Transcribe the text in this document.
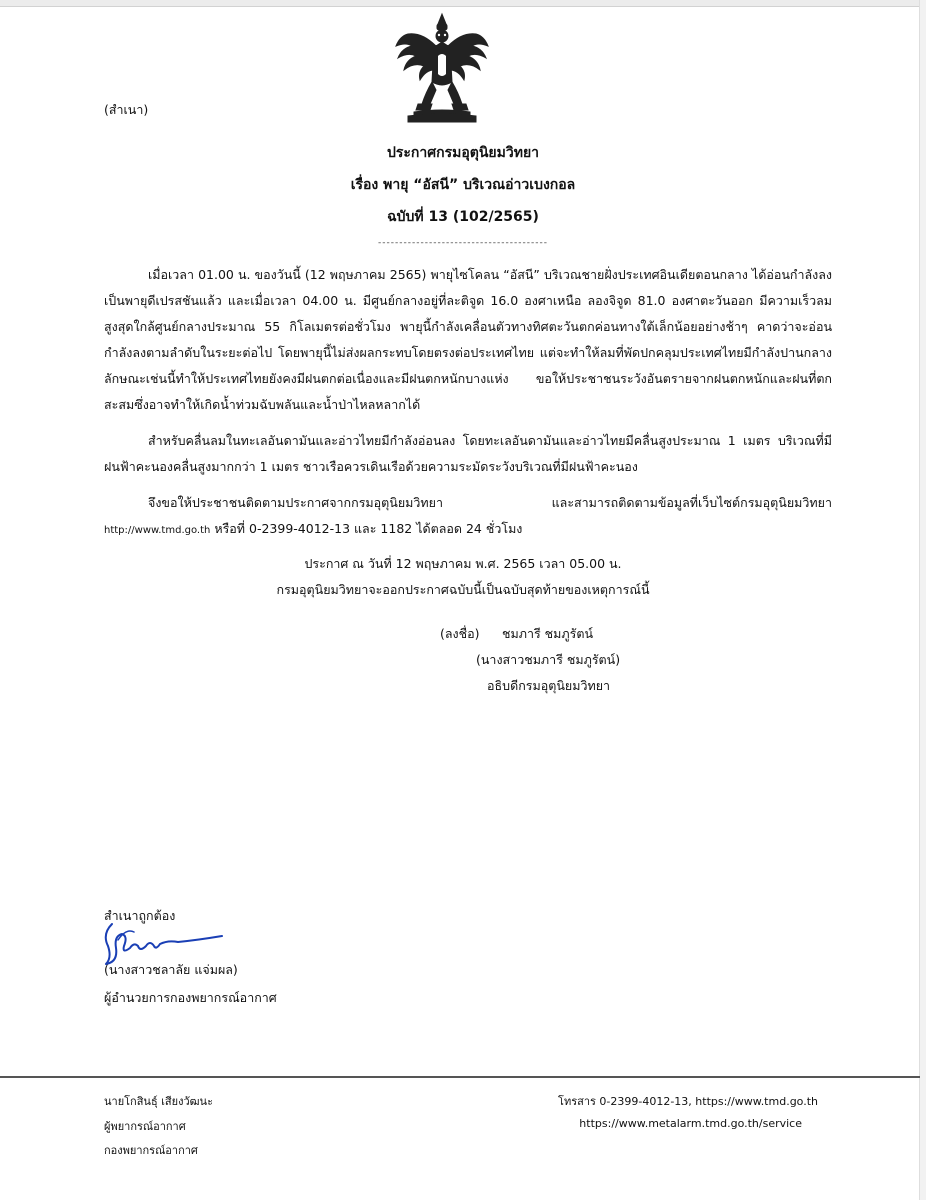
(สำเนา)
ประกาศกรมอุตุนิยมวิทยา
เรื่อง พายุ “อัสนี” บริเวณอ่าวเบงกอล
ฉบับที่ 13 (102/2565)
----------------------------------------
เมื่อเวลา 01.00 น. ของวันนี้ (12 พฤษภาคม 2565) พายุไซโคลน “อัสนี” บริเวณชายฝั่งประเทศอินเดียตอนกลาง ได้อ่อนกำลังลงเป็นพายุดีเปรสชันแล้ว และเมื่อเวลา 04.00 น. มีศูนย์กลางอยู่ที่ละติจูด 16.0 องศาเหนือ ลองจิจูด 81.0 องศาตะวันออก มีความเร็วลมสูงสุดใกล้ศูนย์กลางประมาณ 55 กิโลเมตรต่อชั่วโมง พายุนี้กำลังเคลื่อนตัวทางทิศตะวันตกค่อนทางใต้เล็กน้อยอย่างช้าๆ คาดว่าจะอ่อนกำลังลงตามลำดับในระยะต่อไป โดยพายุนี้ไม่ส่งผลกระทบโดยตรงต่อประเทศไทย แต่จะทำให้ลมที่พัดปกคลุมประเทศไทยมีกำลังปานกลาง ลักษณะเช่นนี้ทำให้ประเทศไทยยังคงมีฝนตกต่อเนื่องและมีฝนตกหนักบางแห่ง ขอให้ประชาชนระวังอันตรายจากฝนตกหนักและฝนที่ตกสะสมซึ่งอาจทำให้เกิดน้ำท่วมฉับพลันและน้ำป่าไหลหลากได้
สำหรับคลื่นลมในทะเลอันดามันและอ่าวไทยมีกำลังอ่อนลง โดยทะเลอันดามันและอ่าวไทยมีคลื่นสูงประมาณ 1 เมตร บริเวณที่มีฝนฟ้าคะนองคลื่นสูงมากกว่า 1 เมตร ชาวเรือควรเดินเรือด้วยความระมัดระวังบริเวณที่มีฝนฟ้าคะนอง
จึงขอให้ประชาชนติดตามประกาศจากกรมอุตุนิยมวิทยา และสามารถติดตามข้อมูลที่เว็บไซต์กรมอุตุนิยมวิทยา http://www.tmd.go.th หรือที่ 0-2399-4012-13 และ 1182 ได้ตลอด 24 ชั่วโมง
ประกาศ ณ วันที่ 12 พฤษภาคม พ.ศ. 2565 เวลา 05.00 น.
กรมอุตุนิยมวิทยาจะออกประกาศฉบับนี้เป็นฉบับสุดท้ายของเหตุการณ์นี้
(ลงชื่อ) ชมภารี ชมภูรัตน์
(นางสาวชมภารี ชมภูรัตน์)
อธิบดีกรมอุตุนิยมวิทยา
สำเนาถูกต้อง
(นางสาวชลาลัย แจ่มผล)
ผู้อำนวยการกองพยากรณ์อากาศ
นายโกสินธุ์ เสียงวัฒนะ
ผู้พยากรณ์อากาศ
กองพยากรณ์อากาศ
โทรสาร 0-2399-4012-13, https://www.tmd.go.th
https://www.metalarm.tmd.go.th/service
